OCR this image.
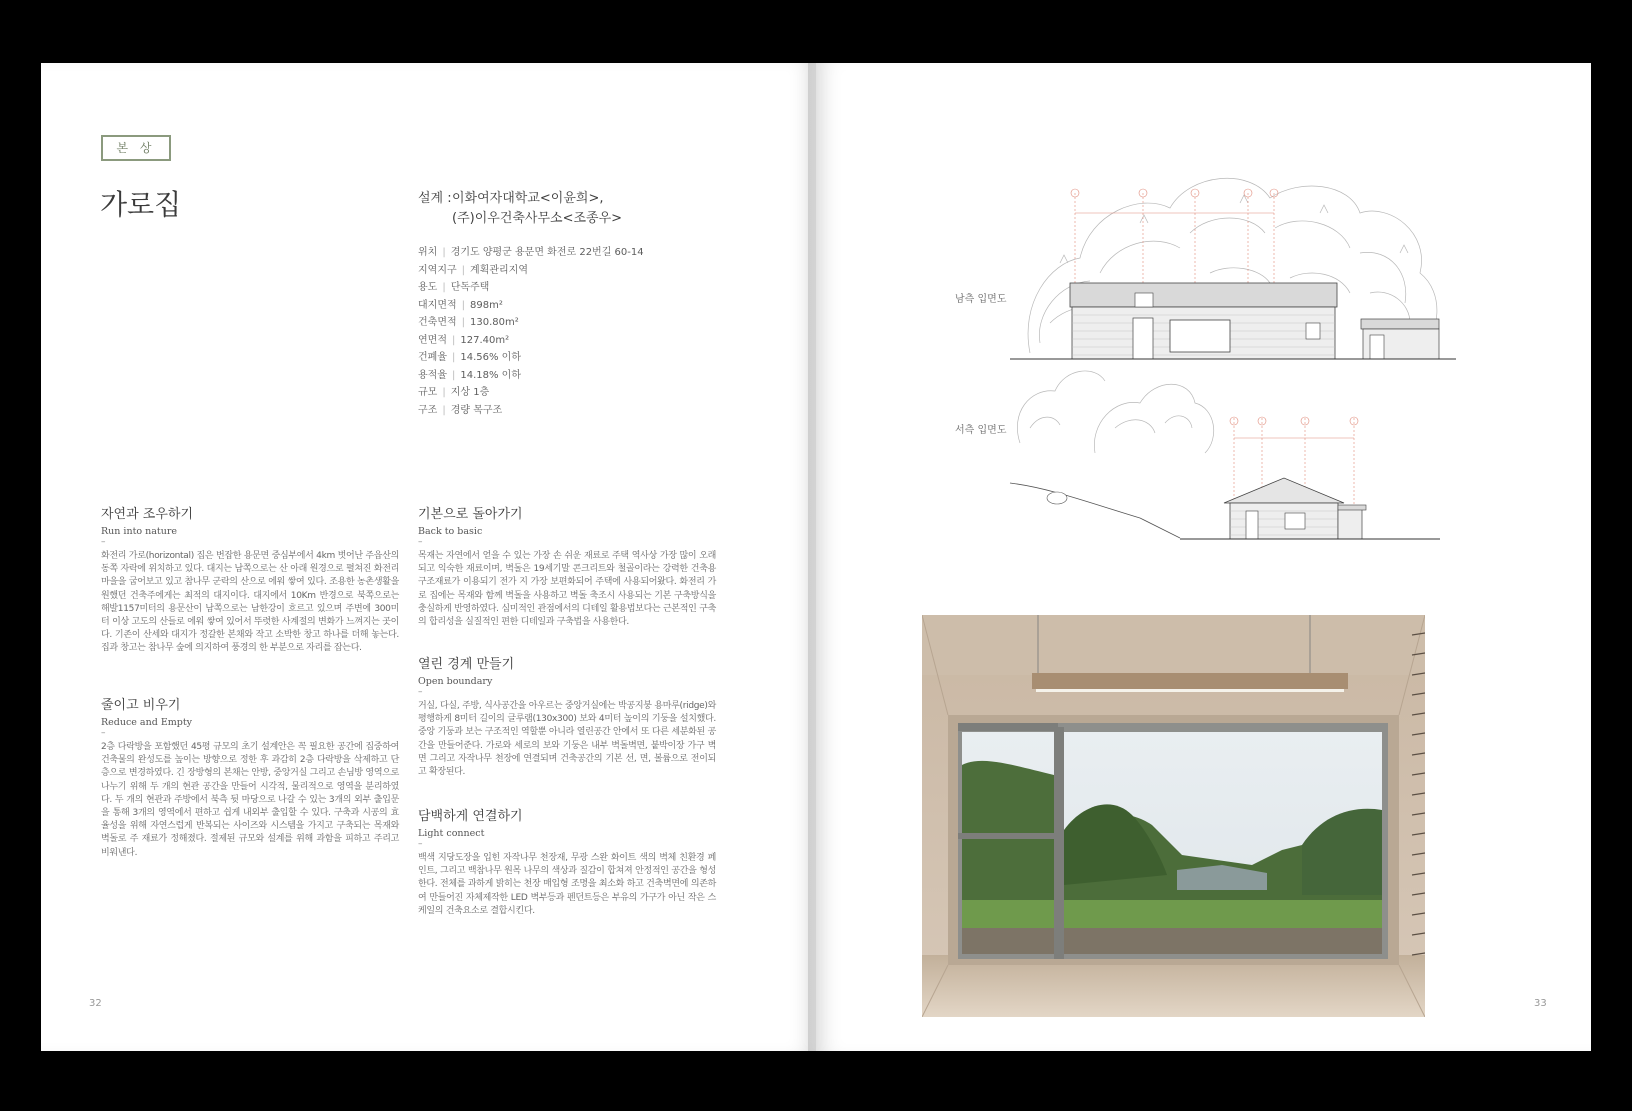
본 상
가로집	설계 :이화여자대학교<이윤희>,
(주)이우건축사무소<조종우>
위치 | 경기도 양평군 용문면 화전로 22번길 60-14
지역지구 | 계획관리지역
용도 | 단독주택
대지면적 | 898m²
건축면적 | 130.80m²
연면적 | 127.40m²
건폐율 | 14.56% 이하
용적율 | 14.18% 이하
규모 | 지상 1층
구조 | 경량 목구조
자연과 조우하기
Run into nature
–

화전리 가로(horizontal) 집은 번잡한 용문면 중심부에서 4km 벗어난 주읍산의 동쪽 자락에 위치하고 있다. 대지는 남쪽으로는 산 아래 원경으로 펼쳐진 화전리 마을을 굽어보고 있고 참나무 군락의 산으로 에워 쌓여 있다. 조용한 농촌생활을 원했던 건축주에게는 최적의 대지이다. 대지에서 10Km 반경으로 북쪽으로는 해발1157미터의 용문산이 남쪽으로는 남한강이 흐르고 있으며 주변에 300미터 이상 고도의 산들로 에워 쌓여 있어서 뚜렷한 사계절의 변화가 느껴지는 곳이다. 기존이 산세와 대지가 정갈한 본채와 작고 소박한 창고 하나를 더해 놓는다. 집과 창고는 참나무 숲에 의지하여 풍경의 한 부분으로 자리를 잡는다.

줄이고 비우기
Reduce and Empty
–

2층 다락방을 포함했던 45평 규모의 초기 설계안은 꼭 필요한 공간에 집중하여 건축물의 완성도를 높이는 방향으로 정한 후 과감히 2층 다락방을 삭제하고 단층으로 변경하였다. 긴 장방형의 본채는 안방, 중앙거실 그리고 손님방 영역으로 나누기 위해 두 개의 현관 공간을 만들어 시각적, 물리적으로 영역을 분리하였다. 두 개의 현관과 주방에서 북측 뒷 마당으로 나갈 수 있는 3개의 외부 출입문을 통해 3개의 영역에서 편하고 쉽게 내외부 출입할 수 있다. 구축과 시공의 효율성을 위해 자연스럽게 반복되는 사이즈와 시스템을 가지고 구축되는 목재와 벽돌로 주 재료가 정해졌다. 절제된 규모와 설계를 위해 과함을 피하고 주리고 비워낸다.

기본으로 돌아가기
Back to basic
–

목재는 자연에서 얻을 수 있는 가장 손 쉬운 재료로 주택 역사상 가장 많이 오래되고 익숙한 재료이며, 벽돌은 19세기말 콘크리트와 철골이라는 강력한 건축용 구조재료가 이용되기 전가 지 가장 보편화되어 주택에 사용되어왔다. 화전리 가로 집에는 목재와 함께 벽돌을 사용하고 벽돌 축조시 사용되는 기본 구축방식을 충실하게 반영하였다. 심미적인 관점에서의 디테일 활용법보다는 근본적인 구축의 합리성을 실질적인 편한 디테일과 구축법을 사용한다.

열린 경계 만들기
Open boundary
–

거실, 다실, 주방, 식사공간을 아우르는 중앙거실에는 박공지붕 용마루(ridge)와 평행하게 8미터 길이의 글루램(130x300) 보와 4미터 높이의 기둥을 설치했다. 중앙 기둥과 보는 구조적인 역할뿐 아니라 열린공간 안에서 또 다른 세분화된 공간을 만들어준다. 가로와 세로의 보와 기둥은 내부 벽돌벽면, 붙박이장 가구 벽면 그리고 자작나무 천장에 연결되며 건축공간의 기본 선, 면, 볼륨으로 전이되고 확장된다.

담백하게 연결하기
Light connect
–

백색 지당도장을 입힌 자작나무 천장재, 무광 스완 화이트 색의 벽체 친환경 페인트, 그리고 백참나무 원목 나무의 색상과 질감이 합쳐져 안정적인 공간을 형성한다. 전체를 과하게 밝히는 천장 매입형 조명을 최소화 하고 건축벽면에 의존하여 만들어진 자체제작한 LED 벽부등과 펜던트등은 부유의 가구가 아닌 작은 스케일의 건축요소로 결합시킨다.

32
남측 입면도
서측 입면도
33
